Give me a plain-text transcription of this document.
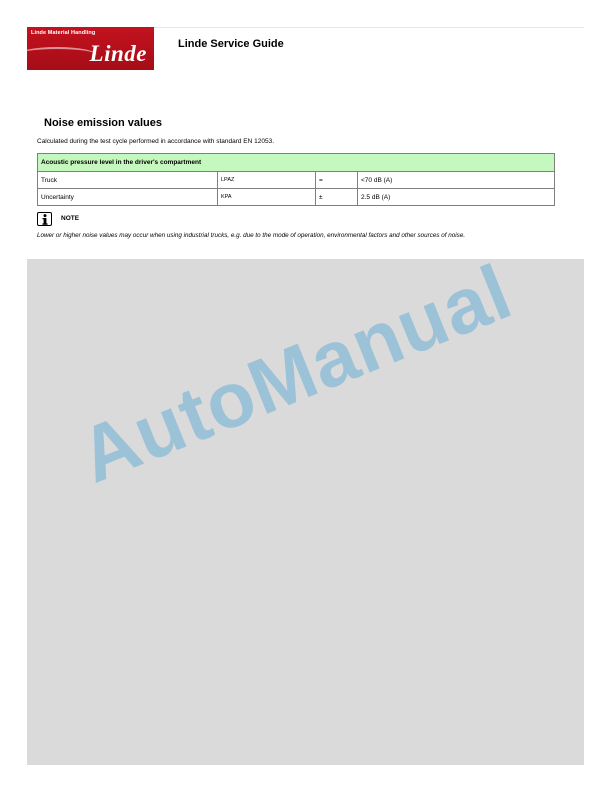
Linde Material Handling
Linde	Linde Service Guide
Noise emission values
Calculated during the test cycle performed in accordance with standard EN 12053.
Acoustic pressure level in the driver's compartment			
Truck	LPAZ	=	<70 dB (A)
Uncertainty	KPA	±	2.5 dB (A)
NOTE
Lower or higher noise values may occur when using industrial trucks, e.g. due to the mode of operation, environmental factors and other sources of noise.
AutoManual
